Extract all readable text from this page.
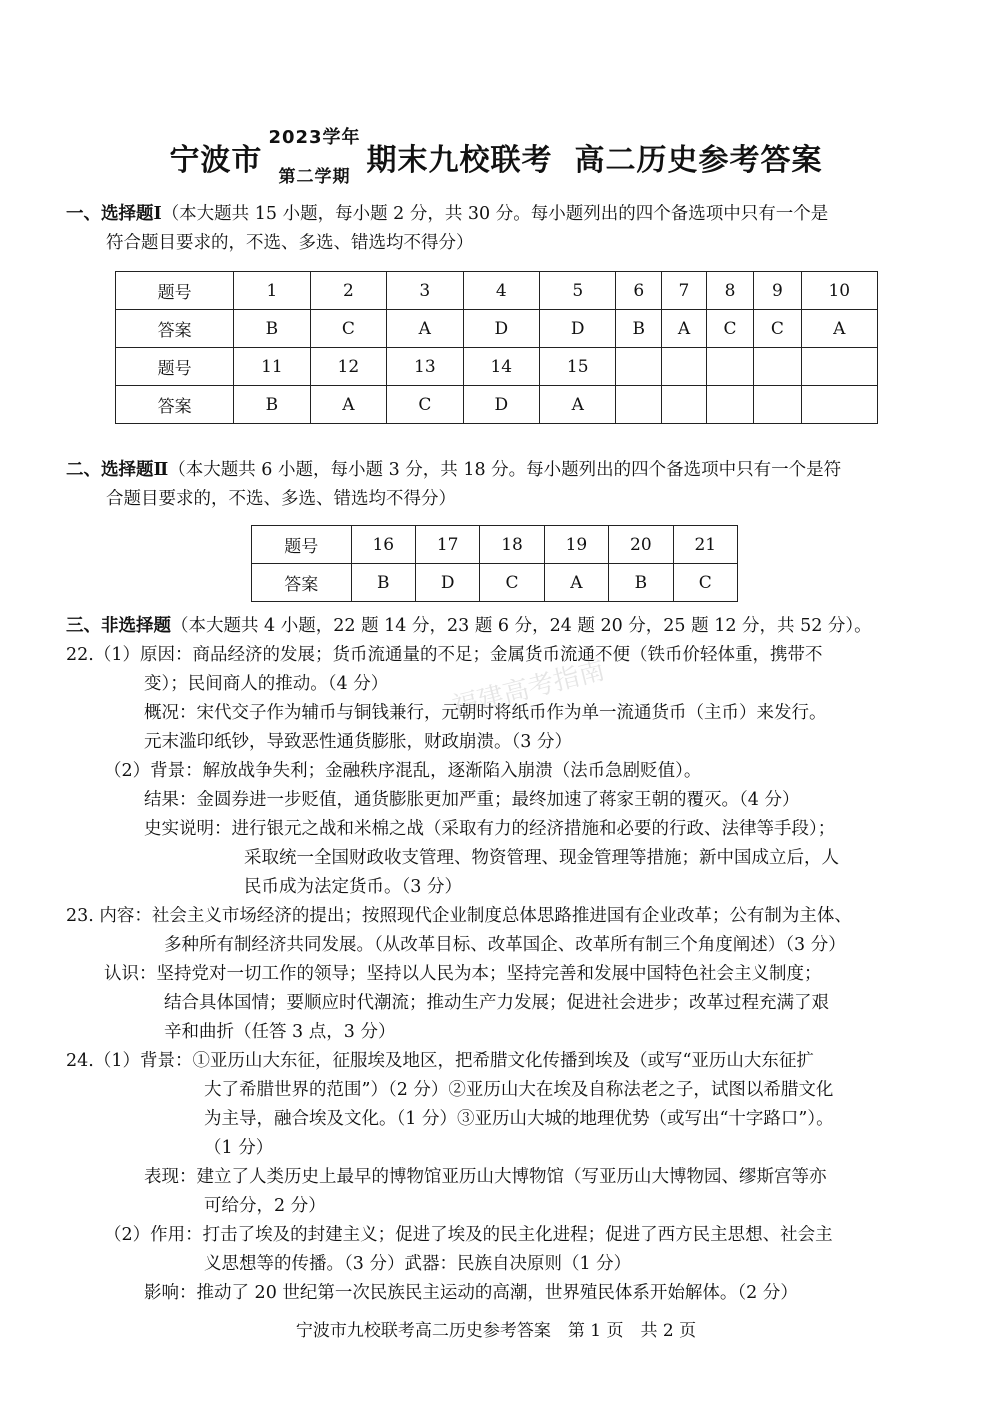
宁波市
2023学年
第二学期 期末九校联考 高二历史参考答案
一、选择题Ⅰ（本大题共 15 小题，每小题 2 分，共 30 分。每小题列出的四个备选项中只有一个是
符合题目要求的，不选、多选、错选均不得分）
题号	1	2	3	4	5	6	7	8	9	10
答案	B	C	A	D	D	B	A	C	C	A
题号	11	12	13	14	15					
答案	B	A	C	D	A					
二、选择题Ⅱ（本大题共 6 小题，每小题 3 分，共 18 分。每小题列出的四个备选项中只有一个是符
合题目要求的，不选、多选、错选均不得分）
题号	16	17	18	19	20	21
答案	B	D	C	A	B	C
三、非选择题（本大题共 4 小题，22 题 14 分，23 题 6 分，24 题 20 分，25 题 12 分，共 52 分）。
22.（1）原因：商品经济的发展；货币流通量的不足；金属货币流通不便（铁币价轻体重，携带不
变）；民间商人的推动。（4 分）
概况：宋代交子作为辅币与铜钱兼行，元朝时将纸币作为单一流通货币（主币）来发行。
元末滥印纸钞，导致恶性通货膨胀，财政崩溃。（3 分）
（2）背景：解放战争失利；金融秩序混乱，逐渐陷入崩溃（法币急剧贬值）。
结果：金圆券进一步贬值，通货膨胀更加严重；最终加速了蒋家王朝的覆灭。（4 分）
史实说明：进行银元之战和米棉之战（采取有力的经济措施和必要的行政、法律等手段）；
采取统一全国财政收支管理、物资管理、现金管理等措施；新中国成立后，人
民币成为法定货币。（3 分）
23. 内容：社会主义市场经济的提出；按照现代企业制度总体思路推进国有企业改革；公有制为主体、
多种所有制经济共同发展。（从改革目标、改革国企、改革所有制三个角度阐述）（3 分）
认识：坚持党对一切工作的领导；坚持以人民为本；坚持完善和发展中国特色社会主义制度；
结合具体国情；要顺应时代潮流；推动生产力发展；促进社会进步；改革过程充满了艰
辛和曲折（任答 3 点，3 分）
24.（1）背景：①亚历山大东征，征服埃及地区，把希腊文化传播到埃及（或写“亚历山大东征扩
大了希腊世界的范围”）（2 分）②亚历山大在埃及自称法老之子，试图以希腊文化
为主导，融合埃及文化。（1 分）③亚历山大城的地理优势（或写出“十字路口”）。
（1 分）
表现：建立了人类历史上最早的博物馆亚历山大博物馆（写亚历山大博物园、缪斯宫等亦
可给分，2 分）
（2）作用：打击了埃及的封建主义；促进了埃及的民主化进程；促进了西方民主思想、社会主
义思想等的传播。（3 分）武器：民族自决原则（1 分）
影响：推动了 20 世纪第一次民族民主运动的高潮，世界殖民体系开始解体。（2 分）
福建高考指南
宁波市九校联考高二历史参考答案　第 1 页　共 2 页
